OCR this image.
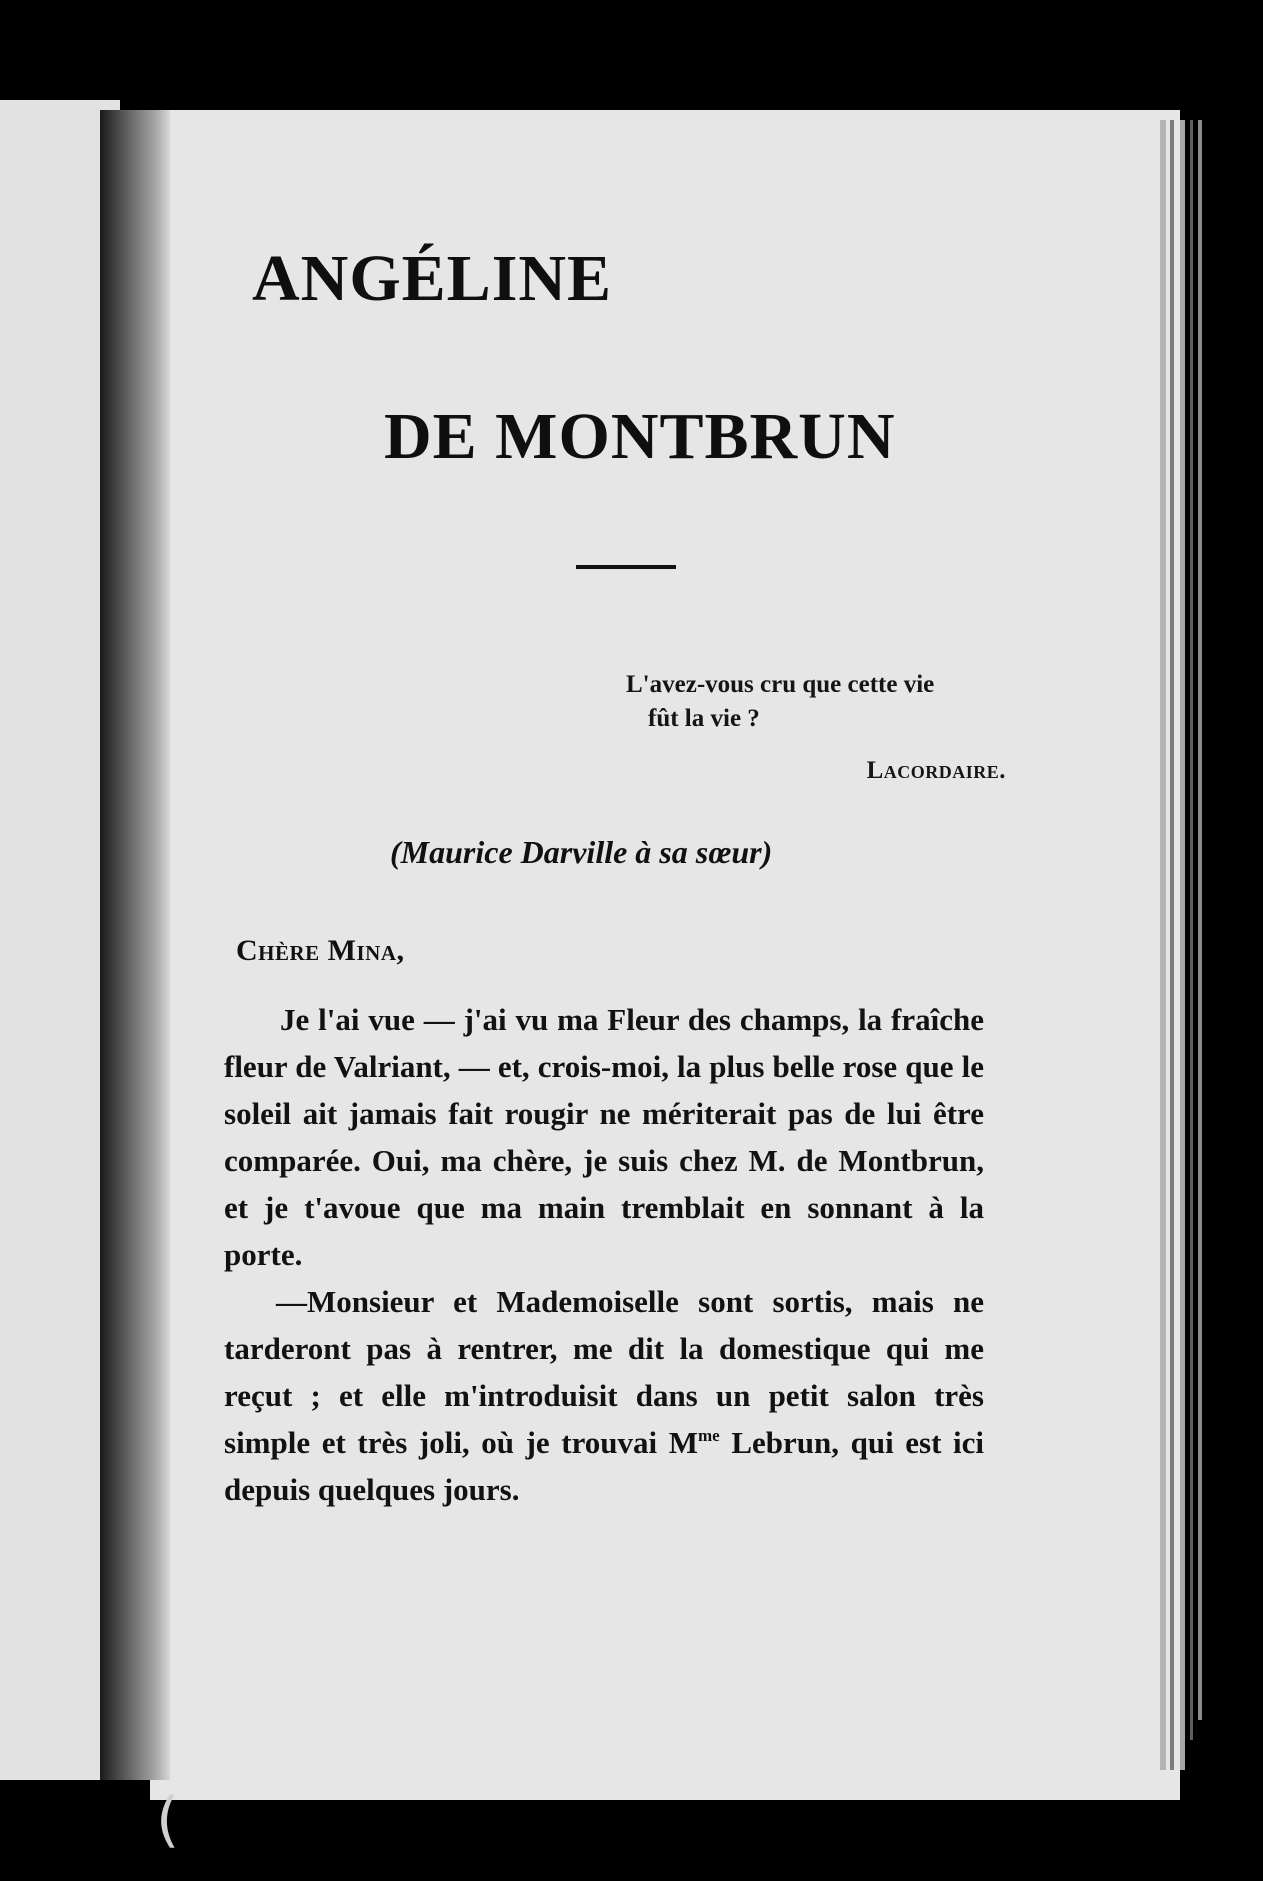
ANGÉLINE
DE MONTBRUN
L'avez-vous cru que cette vie
fût la vie ?
Lacordaire.
(Maurice Darville à sa sœur)
Chère Mina,

Je l'ai vue — j'ai vu ma Fleur des champs, la fraîche fleur de Valriant, — et, crois-moi, la plus belle rose que le soleil ait jamais fait rougir ne mériterait pas de lui être comparée. Oui, ma chère, je suis chez M. de Montbrun, et je t'avoue que ma main tremblait en sonnant à la porte.

—Monsieur et Mademoiselle sont sortis, mais ne tarderont pas à rentrer, me dit la domestique qui me reçut ; et elle m'introduisit dans un petit salon très simple et très joli, où je trouvai $M^{me}$ Lebrun, qui est ici depuis quelques jours.

(
